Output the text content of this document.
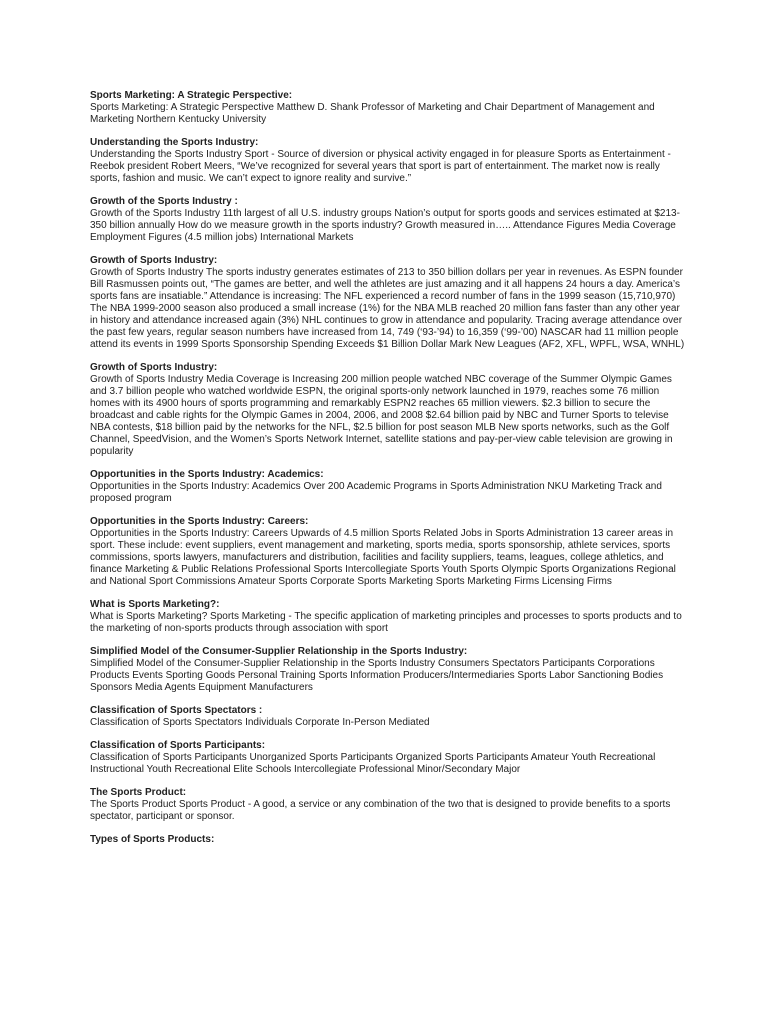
Sports Marketing: A Strategic Perspective:

Sports Marketing: A Strategic Perspective Matthew D. Shank Professor of Marketing and Chair Department of Management and Marketing Northern Kentucky University

Understanding the Sports Industry:

Understanding the Sports Industry Sport - Source of diversion or physical activity engaged in for pleasure Sports as Entertainment - Reebok president Robert Meers, “We’ve recognized for several years that sport is part of entertainment. The market now is really sports, fashion and music. We can’t expect to ignore reality and survive.”

Growth of the Sports Industry :

Growth of the Sports Industry 11th largest of all U.S. industry groups Nation’s output for sports goods and services estimated at $213-350 billion annually How do we measure growth in the sports industry? Growth measured in….. Attendance Figures Media Coverage Employment Figures (4.5 million jobs) International Markets

Growth of Sports Industry:

Growth of Sports Industry The sports industry generates estimates of 213 to 350 billion dollars per year in revenues. As ESPN founder Bill Rasmussen points out, “The games are better, and well the athletes are just amazing and it all happens 24 hours a day. America’s sports fans are insatiable.” Attendance is increasing: The NFL experienced a record number of fans in the 1999 season (15,710,970) The NBA 1999-2000 season also produced a small increase (1%) for the NBA MLB reached 20 million fans faster than any other year in history and attendance increased again (3%) NHL continues to grow in attendance and popularity. Tracing average attendance over the past few years, regular season numbers have increased from 14, 749 (‘93-’94) to 16,359 (‘99-’00) NASCAR had 11 million people attend its events in 1999 Sports Sponsorship Spending Exceeds $1 Billion Dollar Mark New Leagues (AF2, XFL, WPFL, WSA, WNHL)

Growth of Sports Industry:

Growth of Sports Industry Media Coverage is Increasing 200 million people watched NBC coverage of the Summer Olympic Games and 3.7 billion people who watched worldwide ESPN, the original sports-only network launched in 1979, reaches some 76 million homes with its 4900 hours of sports programming and remarkably ESPN2 reaches 65 million viewers. $2.3 billion to secure the broadcast and cable rights for the Olympic Games in 2004, 2006, and 2008 $2.64 billion paid by NBC and Turner Sports to televise NBA contests, $18 billion paid by the networks for the NFL, $2.5 billion for post season MLB New sports networks, such as the Golf Channel, SpeedVision, and the Women’s Sports Network Internet, satellite stations and pay-per-view cable television are growing in popularity

Opportunities in the Sports Industry: Academics:

Opportunities in the Sports Industry: Academics Over 200 Academic Programs in Sports Administration NKU Marketing Track and proposed program

Opportunities in the Sports Industry: Careers:

Opportunities in the Sports Industry: Careers Upwards of 4.5 million Sports Related Jobs in Sports Administration 13 career areas in sport. These include: event suppliers, event management and marketing, sports media, sports sponsorship, athlete services, sports commissions, sports lawyers, manufacturers and distribution, facilities and facility suppliers, teams, leagues, college athletics, and finance Marketing & Public Relations Professional Sports Intercollegiate Sports Youth Sports Olympic Sports Organizations Regional and National Sport Commissions Amateur Sports Corporate Sports Marketing Sports Marketing Firms Licensing Firms

What is Sports Marketing?:

What is Sports Marketing? Sports Marketing - The specific application of marketing principles and processes to sports products and to the marketing of non-sports products through association with sport

Simplified Model of the Consumer-Supplier Relationship in the Sports Industry:

Simplified Model of the Consumer-Supplier Relationship in the Sports Industry Consumers Spectators Participants Corporations Products Events Sporting Goods Personal Training Sports Information Producers/Intermediaries Sports Labor Sanctioning Bodies Sponsors Media Agents Equipment Manufacturers

Classification of Sports Spectators :

Classification of Sports Spectators Individuals Corporate In-Person Mediated

Classification of Sports Participants:

Classification of Sports Participants Unorganized Sports Participants Organized Sports Participants Amateur Youth Recreational Instructional Youth Recreational Elite Schools Intercollegiate Professional Minor/Secondary Major

The Sports Product:

The Sports Product Sports Product - A good, a service or any combination of the two that is designed to provide benefits to a sports spectator, participant or sponsor.

Types of Sports Products:
